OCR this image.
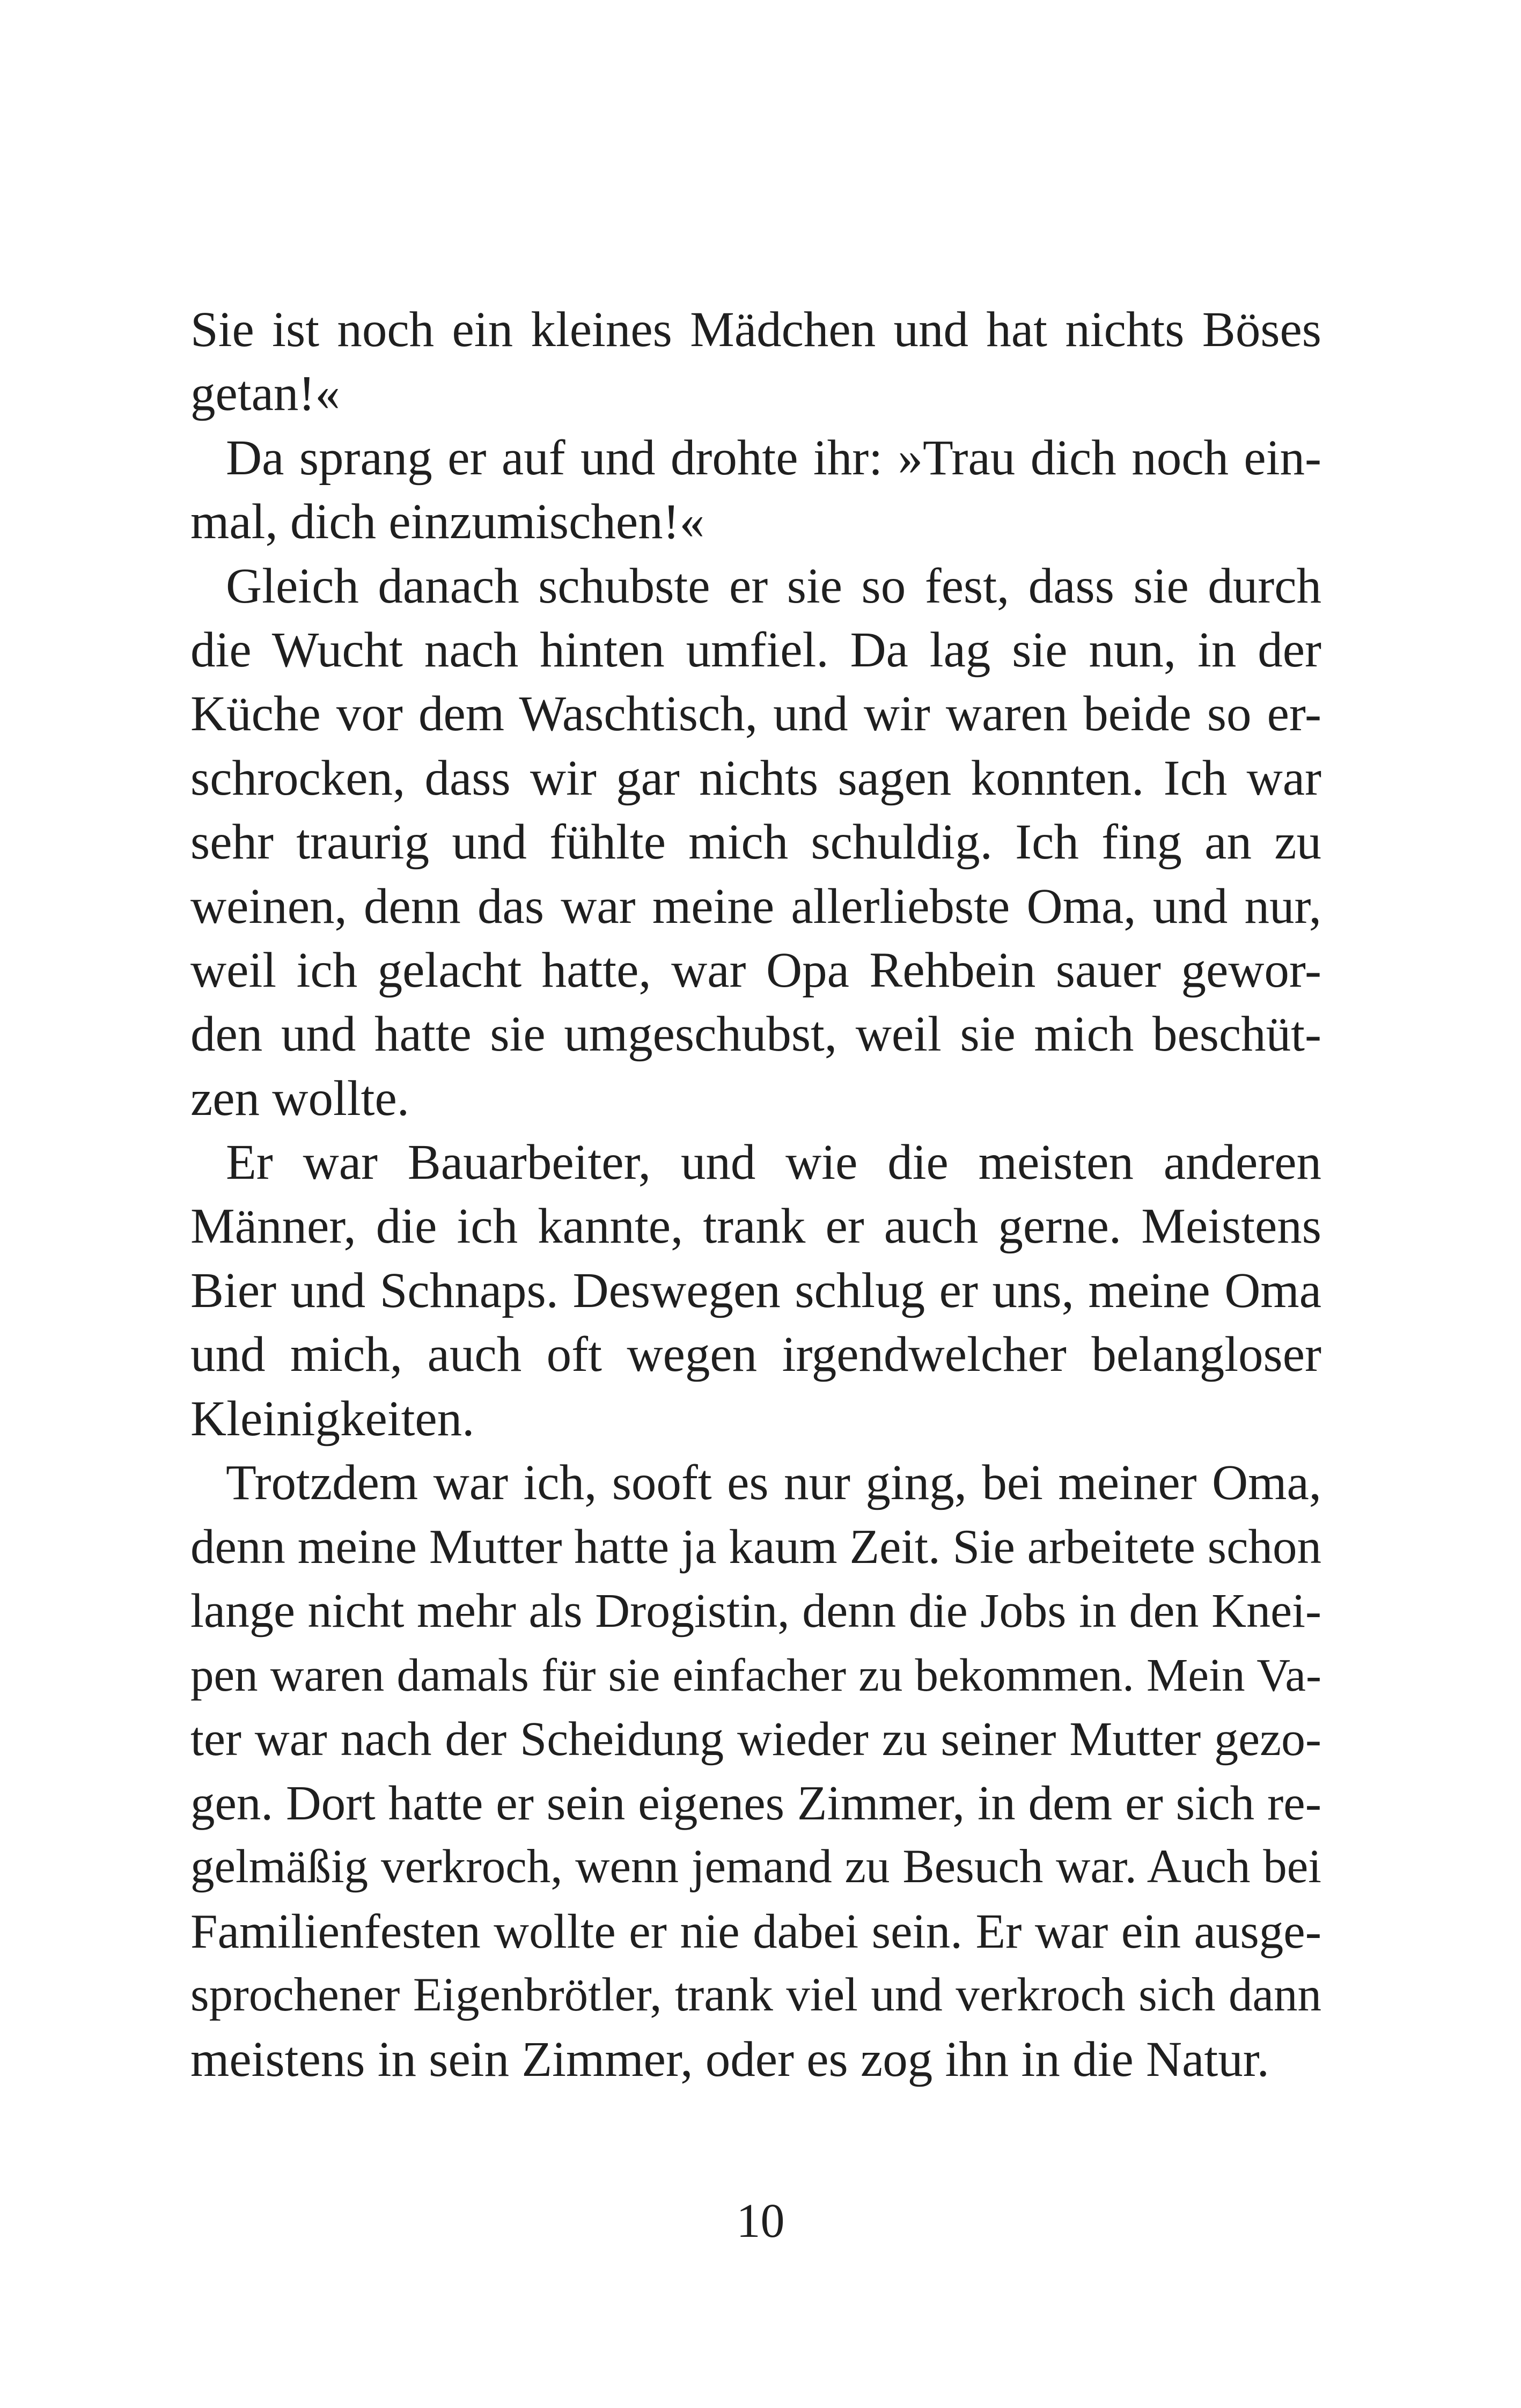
Sie ist noch ein kleines Mädchen und hat nichts Böses
getan!«
Da sprang er auf und drohte ihr: »Trau dich noch ein-
mal, dich einzumischen!«
Gleich danach schubste er sie so fest, dass sie durch
die Wucht nach hinten umfiel. Da lag sie nun, in der
Küche vor dem Waschtisch, und wir waren beide so er-
schrocken, dass wir gar nichts sagen konnten. Ich war
sehr traurig und fühlte mich schuldig. Ich fing an zu
weinen, denn das war meine allerliebste Oma, und nur,
weil ich gelacht hatte, war Opa Rehbein sauer gewor-
den und hatte sie umgeschubst, weil sie mich beschüt-
zen wollte.
Er war Bauarbeiter, und wie die meisten anderen
Männer, die ich kannte, trank er auch gerne. Meistens
Bier und Schnaps. Deswegen schlug er uns, meine Oma
und mich, auch oft wegen irgendwelcher belangloser
Kleinigkeiten.
Trotzdem war ich, sooft es nur ging, bei meiner Oma,
denn meine Mutter hatte ja kaum Zeit. Sie arbeitete schon
lange nicht mehr als Drogistin, denn die Jobs in den Knei-
pen waren damals für sie einfacher zu bekommen. Mein Va-
ter war nach der Scheidung wieder zu seiner Mutter gezo-
gen. Dort hatte er sein eigenes Zimmer, in dem er sich re-
gelmäßig verkroch, wenn jemand zu Besuch war. Auch bei
Familienfesten wollte er nie dabei sein. Er war ein ausge-
sprochener Eigenbrötler, trank viel und verkroch sich dann
meistens in sein Zimmer, oder es zog ihn in die Natur.
10
